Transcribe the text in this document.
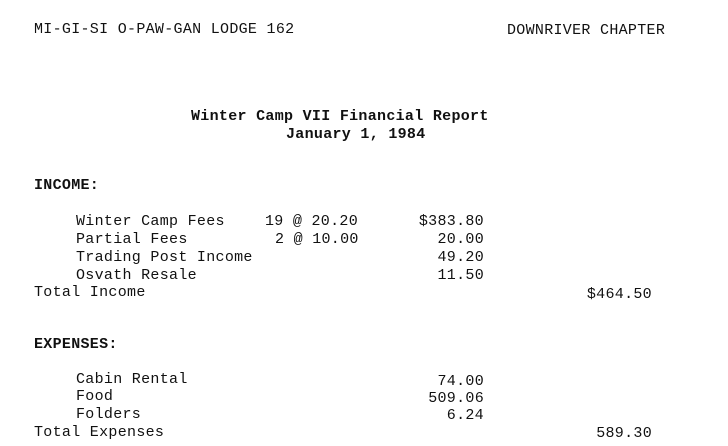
MI-GI-SI O-PAW-GAN LODGE 162	DOWNRIVER CHAPTER
Winter Camp VII Financial Report
January 1, 1984
INCOME:
Winter Camp Fees	19 @ 20.20	$383.80
Partial Fees	2 @ 10.00	20.00
Trading Post Income	49.20
Osvath Resale	11.50
Total Income	$464.50
EXPENSES:
Cabin Rental	74.00
Food	509.06
Folders	6.24
Total Expenses	589.30
